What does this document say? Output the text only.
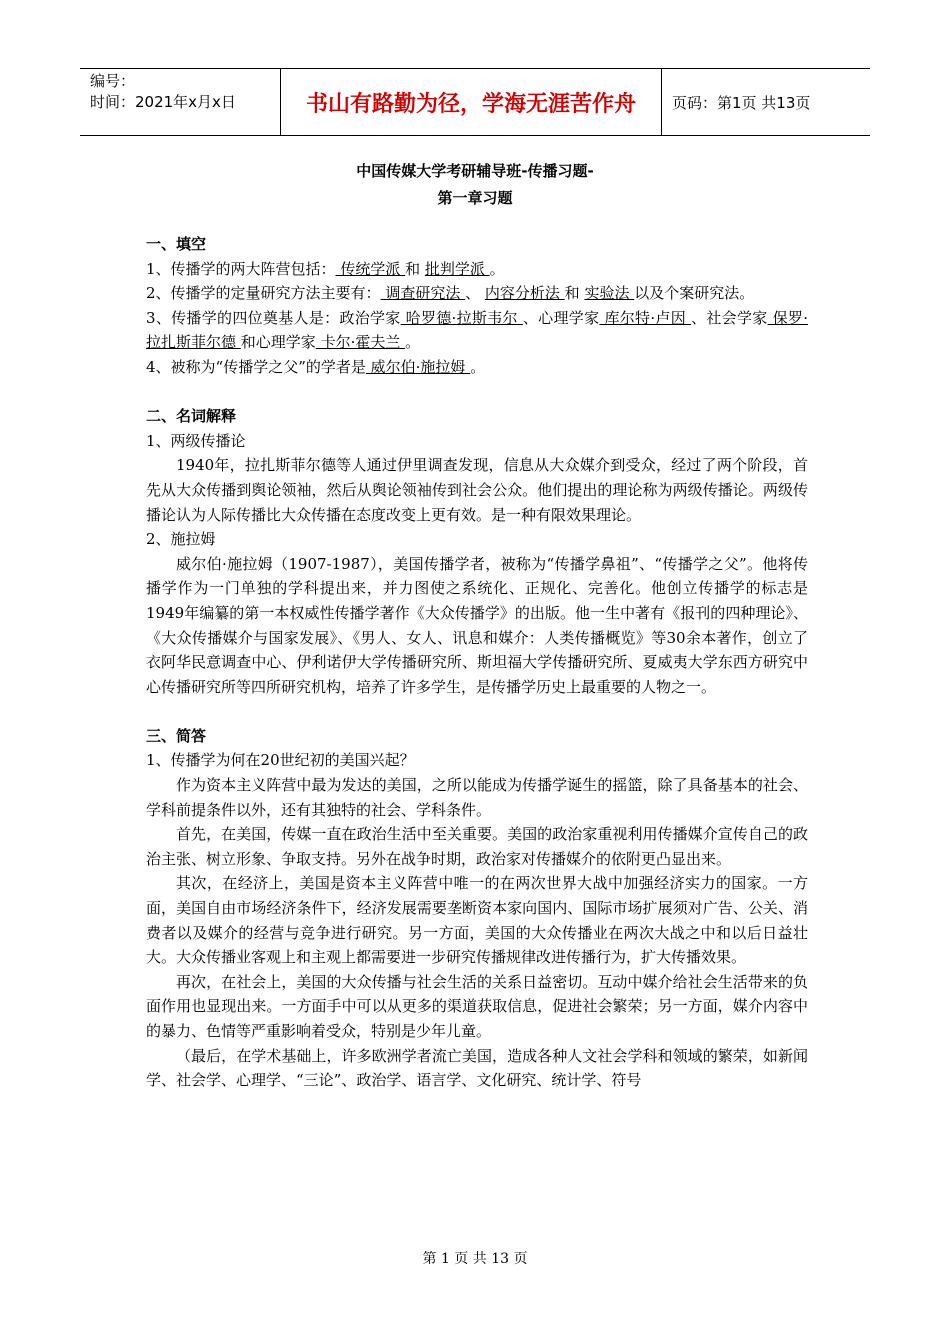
编号：
时间：2021年x月x日	书山有路勤为径，学海无涯苦作舟	页码：第1页 共13页
中国传媒大学考研辅导班-传播习题-
第一章习题

一、填空

1、传播学的两大阵营包括： 传统学派 和 批判学派 。

2、传播学的定量研究方法主要有： 调查研究法 、 内容分析法 和 实验法 以及个案研究法。

3、传播学的四位奠基人是：政治学家 哈罗德·拉斯韦尔 、心理学家 库尔特·卢因 、社会学家 保罗·拉扎斯菲尔德 和心理学家 卡尔·霍夫兰 。

4、被称为“传播学之父”的学者是 威尔伯·施拉姆 。

二、名词解释

1、两级传播论

1940年，拉扎斯菲尔德等人通过伊里调查发现，信息从大众媒介到受众，经过了两个阶段，首先从大众传播到舆论领袖，然后从舆论领袖传到社会公众。他们提出的理论称为两级传播论。两级传播论认为人际传播比大众传播在态度改变上更有效。是一种有限效果理论。

2、施拉姆

威尔伯·施拉姆（1907-1987），美国传播学者，被称为“传播学鼻祖”、“传播学之父”。他将传播学作为一门单独的学科提出来，并力图使之系统化、正规化、完善化。他创立传播学的标志是1949年编纂的第一本权威性传播学著作《大众传播学》的出版。他一生中著有《报刊的四种理论》、《大众传播媒介与国家发展》、《男人、女人、讯息和媒介：人类传播概览》等30余本著作，创立了衣阿华民意调查中心、伊利诺伊大学传播研究所、斯坦福大学传播研究所、夏威夷大学东西方研究中心传播研究所等四所研究机构，培养了许多学生，是传播学历史上最重要的人物之一。

三、简答

1、传播学为何在20世纪初的美国兴起？

作为资本主义阵营中最为发达的美国，之所以能成为传播学诞生的摇篮，除了具备基本的社会、学科前提条件以外，还有其独特的社会、学科条件。

首先，在美国，传媒一直在政治生活中至关重要。美国的政治家重视利用传播媒介宣传自己的政治主张、树立形象、争取支持。另外在战争时期，政治家对传播媒介的依附更凸显出来。

其次，在经济上，美国是资本主义阵营中唯一的在两次世界大战中加强经济实力的国家。一方面，美国自由市场经济条件下，经济发展需要垄断资本家向国内、国际市场扩展须对广告、公关、消费者以及媒介的经营与竞争进行研究。另一方面，美国的大众传播业在两次大战之中和以后日益壮大。大众传播业客观上和主观上都需要进一步研究传播规律改进传播行为，扩大传播效果。

再次，在社会上，美国的大众传播与社会生活的关系日益密切。互动中媒介给社会生活带来的负面作用也显现出来。一方面手中可以从更多的渠道获取信息，促进社会繁荣；另一方面，媒介内容中的暴力、色情等严重影响着受众，特别是少年儿童。

（最后，在学术基础上，许多欧洲学者流亡美国，造成各种人文社会学科和领域的繁荣，如新闻学、社会学、心理学、“三论”、政治学、语言学、文化研究、统计学、符号

第 1 页 共 13 页
